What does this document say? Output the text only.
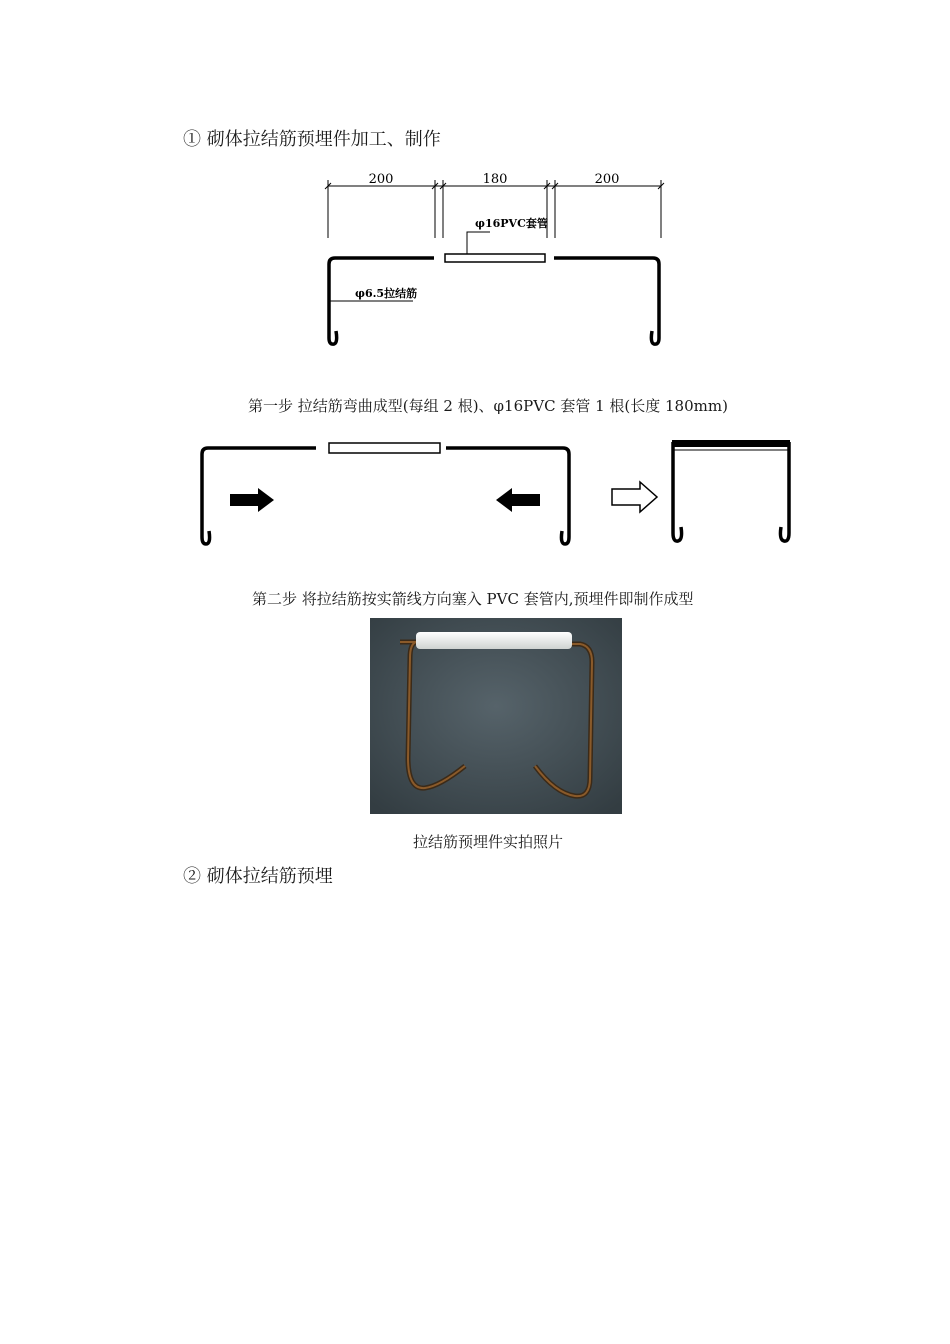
① 砌体拉结筋预埋件加工、制作
200	180	200
φ16PVC套管
φ6.5拉结筋
第一步 拉结筋弯曲成型(每组 2 根)、φ16PVC 套管 1 根(长度 180mm)
第二步 将拉结筋按实箭线方向塞入 PVC 套管内,预埋件即制作成型
拉结筋预埋件实拍照片
② 砌体拉结筋预埋
